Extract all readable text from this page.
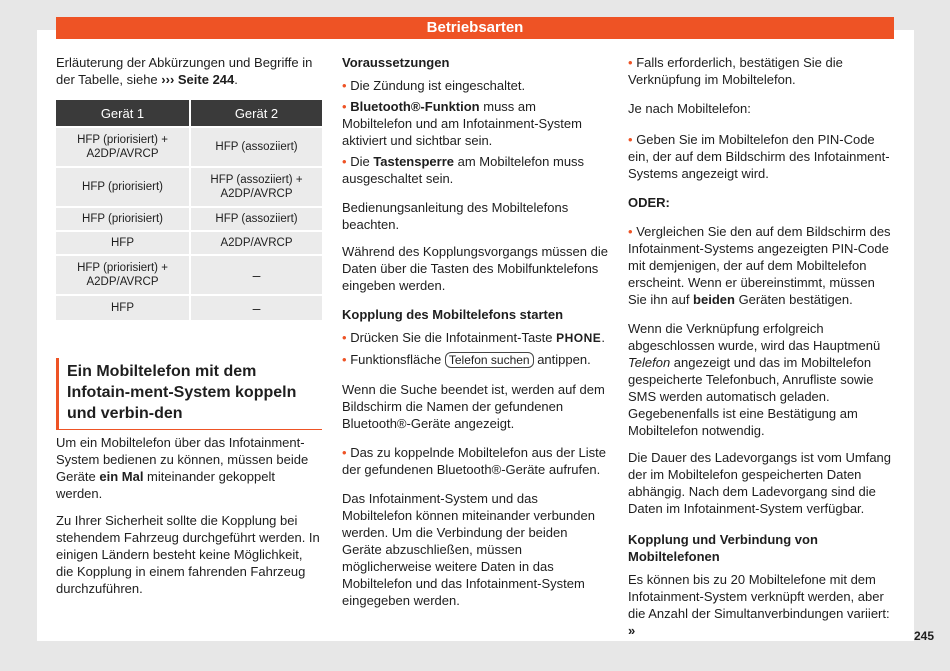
Betriebsarten

Erläuterung der Abkürzungen und Begriffe in der Tabelle, siehe ››› Seite 244.

Gerät 1	Gerät 2
HFP (priorisiert) + A2DP/AVRCP	HFP (assoziiert)
HFP (priorisiert)	HFP (assoziiert) + A2DP/AVRCP
HFP (priorisiert)	HFP (assoziiert)
HFP	A2DP/AVRCP
HFP (priorisiert) + A2DP/AVRCP	–
HFP	–
Ein Mobiltelefon mit dem Infotain-ment-System koppeln und verbin-den

Um ein Mobiltelefon über das Infotainment-System bedienen zu können, müssen beide Geräte ein Mal miteinander gekoppelt werden.

Zu Ihrer Sicherheit sollte die Kopplung bei stehendem Fahrzeug durchgeführt werden. In einigen Ländern besteht keine Möglichkeit, die Kopplung in einem fahrenden Fahrzeug durchzuführen.

Voraussetzungen
• Die Zündung ist eingeschaltet.
• Bluetooth®-Funktion muss am Mobiltelefon und am Infotainment-System aktiviert und sichtbar sein.
• Die Tastensperre am Mobiltelefon muss ausgeschaltet sein.

Bedienungsanleitung des Mobiltelefons beachten.

Während des Kopplungsvorgangs müssen die Daten über die Tasten des Mobilfunktelefons eingeben werden.

Kopplung des Mobiltelefons starten
• Drücken Sie die Infotainment-Taste PHONE.
• Funktionsfläche Telefon suchen antippen.

Wenn die Suche beendet ist, werden auf dem Bildschirm die Namen der gefundenen Bluetooth®-Geräte angezeigt.

• Das zu koppelnde Mobiltelefon aus der Liste der gefundenen Bluetooth®-Geräte aufrufen.

Das Infotainment-System und das Mobiltelefon können miteinander verbunden werden. Um die Verbindung der beiden Geräte abzuschließen, müssen möglicherweise weitere Daten in das Mobiltelefon und das Infotainment-System eingegeben werden.

• Falls erforderlich, bestätigen Sie die Verknüpfung im Mobiltelefon.

Je nach Mobiltelefon:

• Geben Sie im Mobiltelefon den PIN-Code ein, der auf dem Bildschirm des Infotainment-Systems angezeigt wird.
ODER:
• Vergleichen Sie den auf dem Bildschirm des Infotainment-Systems angezeigten PIN-Code mit demjenigen, der auf dem Mobiltelefon erscheint. Wenn er übereinstimmt, müssen Sie ihn auf beiden Geräten bestätigen.

Wenn die Verknüpfung erfolgreich abgeschlossen wurde, wird das Hauptmenü Telefon angezeigt und das im Mobiltelefon gespeicherte Telefonbuch, Anrufliste sowie SMS werden automatisch geladen. Gegebenenfalls ist eine Bestätigung am Mobiltelefon notwendig.

Die Dauer des Ladevorgangs ist vom Umfang der im Mobiltelefon gespeicherten Daten abhängig. Nach dem Ladevorgang sind die Daten im Infotainment-System verfügbar.

Kopplung und Verbindung von Mobiltelefonen

Es können bis zu 20 Mobiltelefone mit dem Infotainment-System verknüpft werden, aber die Anzahl der Simultanverbindungen variiert: »	245
